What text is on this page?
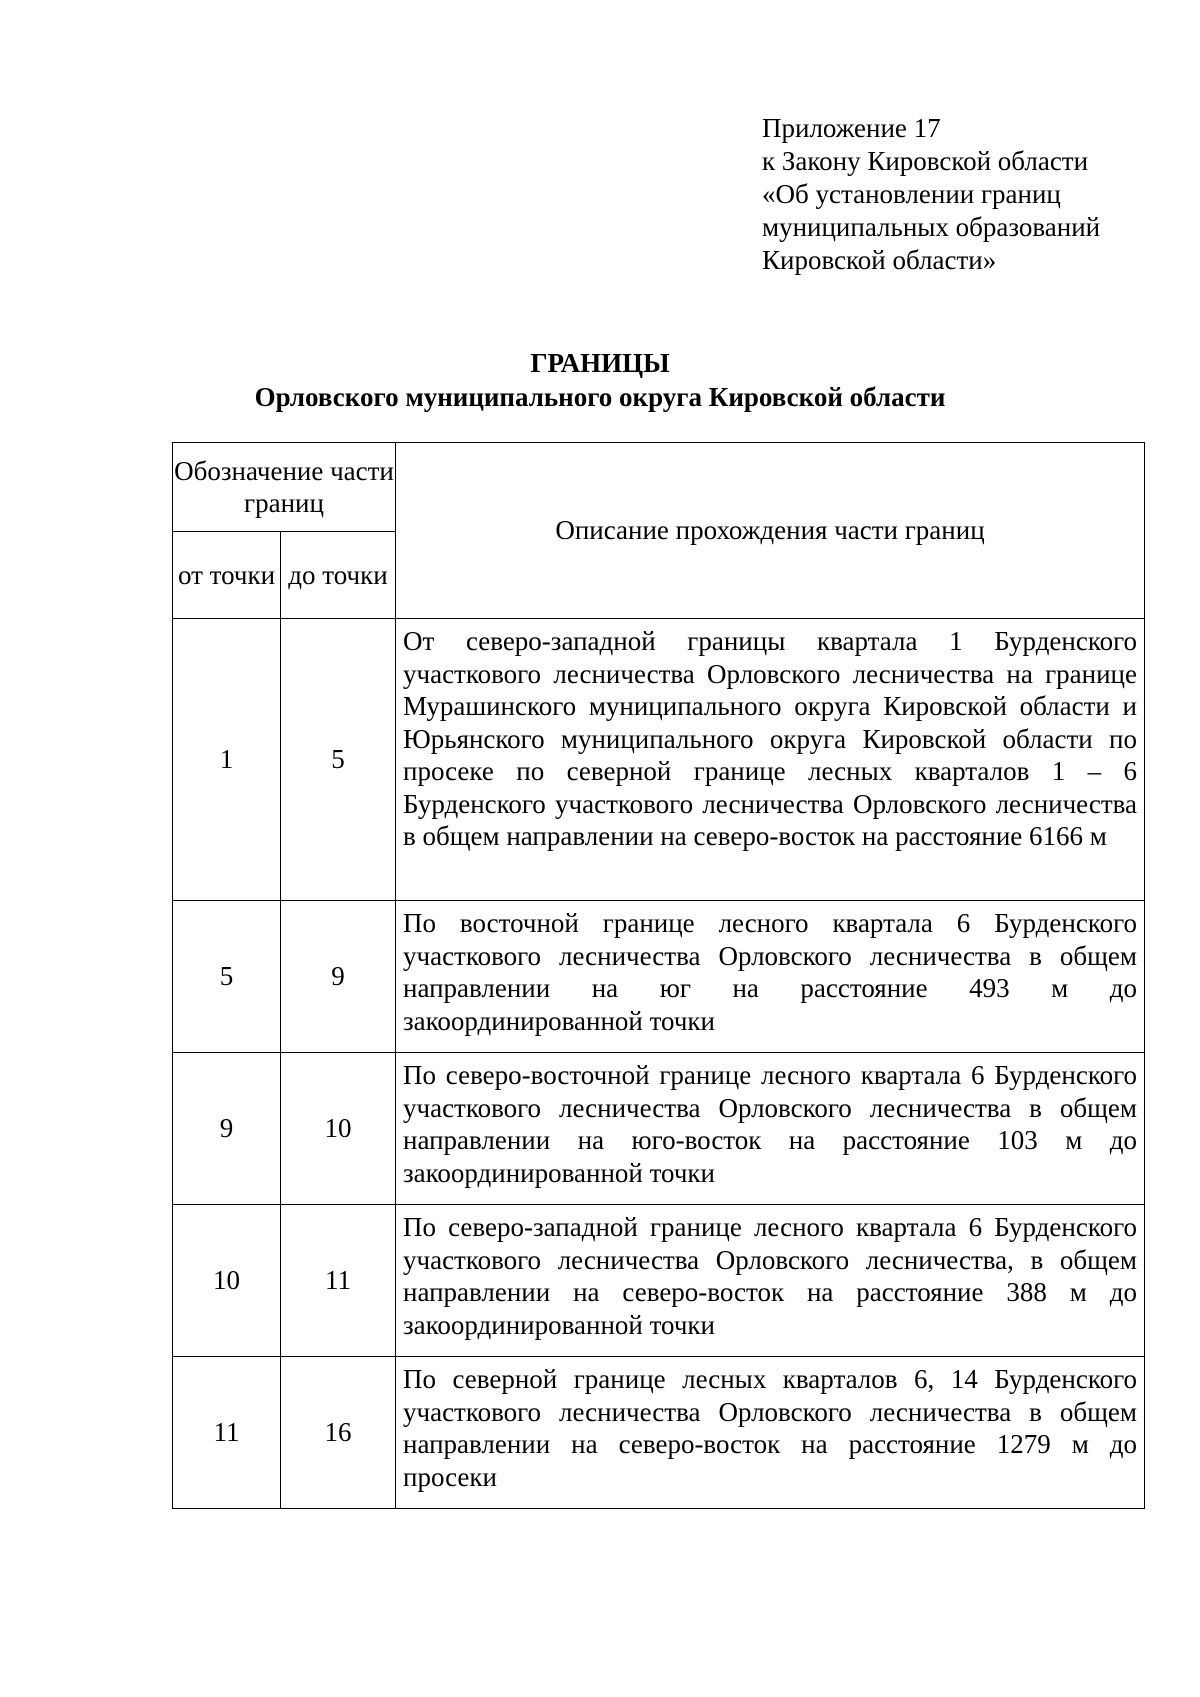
Приложение 17
к Закону Кировской области
«Об установлении границ
муниципальных образований
Кировской области»
ГРАНИЦЫ
Орловского муниципального округа Кировской области
Обозначение части границ		Описание прохождения части границ
от точки	до точки	
1	5	От северо-западной границы квартала 1 Бурденского участкового лесничества Орловского лесничества на границе Мурашинского муниципального округа Кировской области и Юрьянского муниципального округа Кировской области по просеке по северной границе лесных кварталов 1 – 6 Бурденского участкового лесничества Орловского лесничества в общем направлении на северо-восток на расстояние 6166 м
5	9	По восточной границе лесного квартала 6 Бурденского участкового лесничества Орловского лесничества в общем направлении на юг на расстояние 493 м до закоординированной точки
9	10	По северо-восточной границе лесного квартала 6 Бурденского участкового лесничества Орловского лесничества в общем направлении на юго-восток на расстояние 103 м до закоординированной точки
10	11	По северо-западной границе лесного квартала 6 Бурденского участкового лесничества Орловского лесничества, в общем направлении на северо-восток на расстояние 388 м до закоординированной точки
11	16	По северной границе лесных кварталов 6, 14 Бурденского участкового лесничества Орловского лесничества в общем направлении на северо-восток на расстояние 1279 м до просеки
